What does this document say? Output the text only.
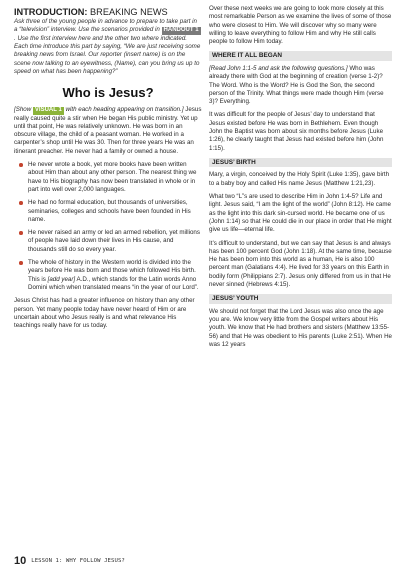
INTRODUCTION: BREAKING NEWS

Ask three of the young people in advance to prepare to take part in a “television” interview. Use the scenarios provided in HANDOUT 1. Use the first interview here and the other two where indicated. Each time introduce this part by saying, “We are just receiving some breaking news from Israel. Our reporter (insert name) is on the scene now talking to an eyewitness, (Name), can you bring us up to speed on what has been happening?”

Who is Jesus?

[Show VISUAL 1 with each heading appearing on transition.] Jesus really caused quite a stir when He began His public ministry. Yet up until that point, He was relatively unknown. He was born in an obscure village, the child of a peasant woman. He worked in a carpenter’s shop until He was 30. Then for three years He was an itinerant preacher. He never had a family or owned a house.

He never wrote a book, yet more books have been written about Him than about any other person. The nearest thing we have to His biography has now been translated in whole or in part into well over 2,000 languages.
He had no formal education, but thousands of universities, seminaries, colleges and schools have been founded in His name.
He never raised an army or led an armed rebellion, yet millions of people have laid down their lives in His cause, and thousands still do so every year.
The whole of history in the Western world is divided into the years before He was born and those which followed His birth. This is [add year] A.D., which stands for the Latin words Anno Domini which when translated means “in the year of our Lord”.

Jesus Christ has had a greater influence on history than any other person. Yet many people today have never heard of Him or are uncertain about who Jesus really is and what relevance His teachings really have for us today.

Over these next weeks we are going to look more closely at this most remarkable Person as we examine the lives of some of those who were closest to Him. We will discover why so many were willing to leave everything to follow Him and why He still calls people to follow Him today.

WHERE IT ALL BEGAN

[Read John 1:1-5 and ask the following questions.] Who was already there with God at the beginning of creation (verse 1-2)? The Word. Who is the Word? He is God the Son, the second person of the Trinity. What things were made though Him (verse 3)? Everything.

It was difficult for the people of Jesus’ day to understand that Jesus existed before He was born in Bethlehem. Even though John the Baptist was born about six months before Jesus (Luke 1:26), he clearly taught that Jesus had existed before him (John 1:15).

JESUS’ BIRTH

Mary, a virgin, conceived by the Holy Spirit (Luke 1:35), gave birth to a baby boy and called His name Jesus (Matthew 1:21,23).

What two “L”s are used to describe Him in John 1:4-5? Life and light. Jesus said, “I am the light of the world” (John 8:12). He came as the light into this dark sin-cursed world. He became one of us (John 1:14) so that He could die in our place in order that He might give us life—eternal life.

It’s difficult to understand, but we can say that Jesus is and always has been 100 percent God (John 1:18). At the same time, because He has been born into this world as a human, He is also 100 percent man (Galatians 4:4). He lived for 33 years on this Earth in bodily form (Philippians 2:7). Jesus only differed from us in that He never sinned (Hebrews 4:15).

JESUS’ YOUTH

We should not forget that the Lord Jesus was also once the age you are. We know very little from the Gospel writers about His youth. We know that He had brothers and sisters (Matthew 13:55-56) and that He was obedient to His parents (Luke 2:51). When He was 12 years

10 LESSON 1: WHY FOLLOW JESUS?
